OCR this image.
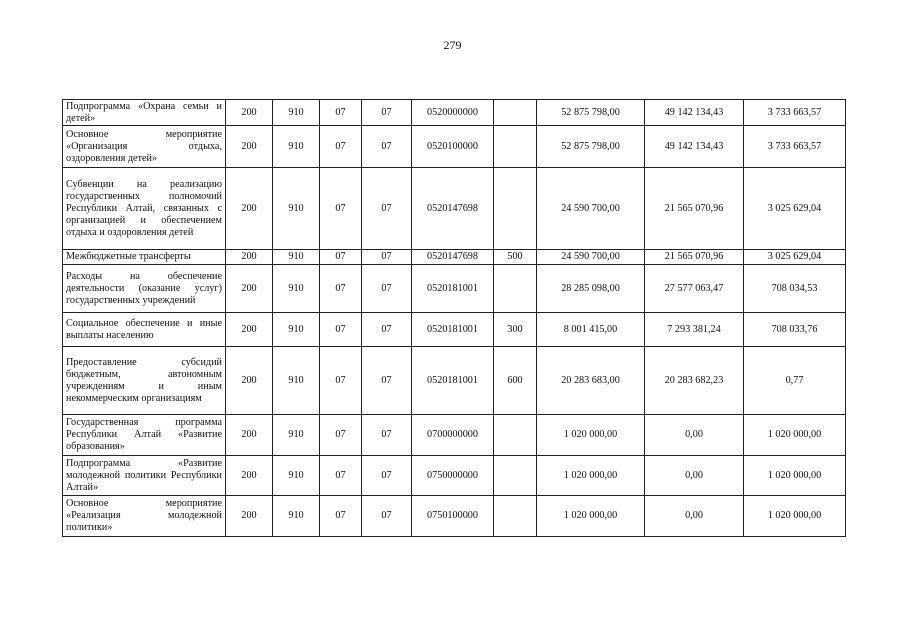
279
Подпрограмма «Охрана семьи и детей»	200	910	07	07	0520000000		52 875 798,00	49 142 134,43	3 733 663,57
Основное мероприятие «Организация отдыха, оздоровления детей»	200	910	07	07	0520100000		52 875 798,00	49 142 134,43	3 733 663,57
Субвенции на реализацию государственных полномочий Республики Алтай, связанных с организацией и обеспечением отдыха и оздоровления детей	200	910	07	07	0520147698		24 590 700,00	21 565 070,96	3 025 629,04
Межбюджетные трансферты	200	910	07	07	0520147698	500	24 590 700,00	21 565 070,96	3 025 629,04
Расходы на обеспечение деятельности (оказание услуг) государственных учреждений	200	910	07	07	0520181001		28 285 098,00	27 577 063,47	708 034,53
Социальное обеспечение и иные выплаты населению	200	910	07	07	0520181001	300	8 001 415,00	7 293 381,24	708 033,76
Предоставление субсидий бюджетным, автономным учреждениям и иным некоммерческим организациям	200	910	07	07	0520181001	600	20 283 683,00	20 283 682,23	0,77
Государственная программа Республики Алтай «Развитие образования»	200	910	07	07	0700000000		1 020 000,00	0,00	1 020 000,00
Подпрограмма «Развитие молодежной политики Республики Алтай»	200	910	07	07	0750000000		1 020 000,00	0,00	1 020 000,00
Основное мероприятие «Реализация молодежной политики»	200	910	07	07	0750100000		1 020 000,00	0,00	1 020 000,00
